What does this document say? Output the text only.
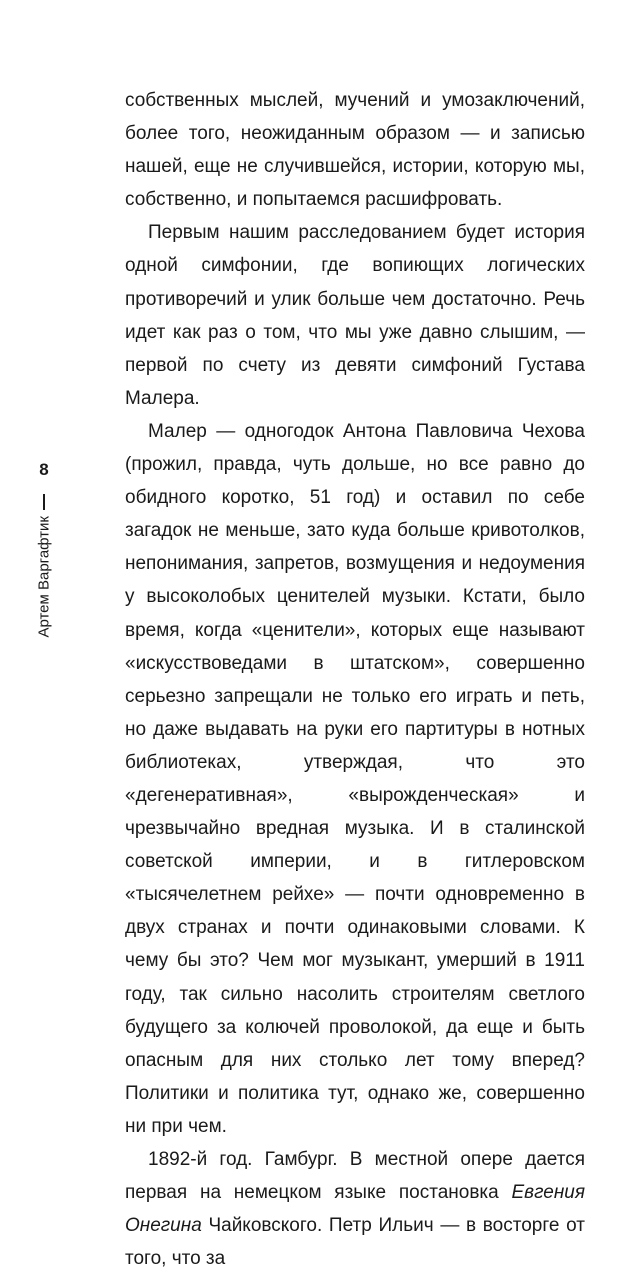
8
Артем Варгафтик

собственных мыслей, мучений и умозаключений, более того, неожиданным образом — и записью нашей, еще не случившейся, истории, которую мы, собственно, и попытаемся расшифровать.

Первым нашим расследованием будет история одной симфонии, где вопиющих логических противоречий и улик больше чем достаточно. Речь идет как раз о том, что мы уже давно слышим, — первой по счету из девяти симфоний Густава Малера.

Малер — одногодок Антона Павловича Чехова (прожил, правда, чуть дольше, но все равно до обидного коротко, 51 год) и оставил по себе загадок не меньше, зато куда больше кривотолков, непонимания, запретов, возмущения и недоумения у высоколобых ценителей музыки. Кстати, было время, когда «ценители», которых еще называют «искусствоведами в штатском», совершенно серьезно запрещали не только его играть и петь, но даже выдавать на руки его партитуры в нотных библиотеках, утверждая, что это «дегенеративная», «вырожденческая» и чрезвычайно вредная музыка. И в сталинской советской империи, и в гитлеровском «тысячелетнем рейхе» — почти одновременно в двух странах и почти одинаковыми словами. К чему бы это? Чем мог музыкант, умерший в 1911 году, так сильно насолить строителям светлого будущего за колючей проволокой, да еще и быть опасным для них столько лет тому вперед? Политики и политика тут, однако же, совершенно ни при чем.

1892-й год. Гамбург. В местной опере дается первая на немецком языке постановка Евгения Онегина Чайковского. Петр Ильич — в восторге от того, что за
